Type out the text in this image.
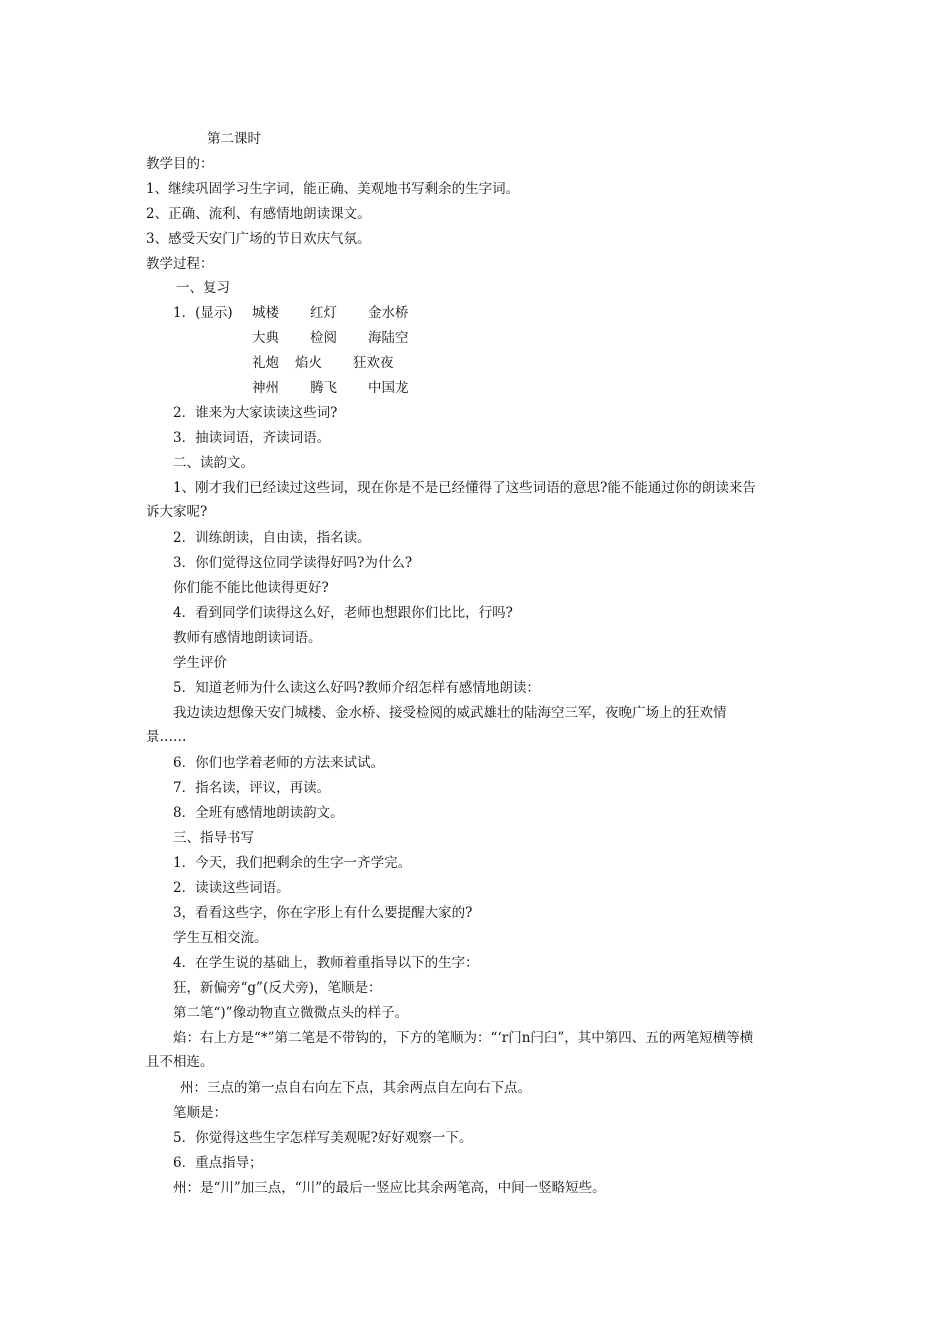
第二课时
教学目的：
1、继续巩固学习生字词，能正确、美观地书写剩余的生字词。
2、正确、流利、有感情地朗读课文。
3、感受天安门广场的节日欢庆气氛。
教学过程：
一、复习
1．(显示) 城楼 红灯 金水桥
大典 检阅 海陆空
礼炮 焰火 狂欢夜
神州 腾飞 中国龙
2．谁来为大家读读这些词?
3．抽读词语，齐读词语。
二、读韵文。
1、刚才我们已经读过这些词，现在你是不是已经懂得了这些词语的意思?能不能通过你的朗读来告诉大家呢?
2．训练朗读，自由读，指名读。
3．你们觉得这位同学读得好吗?为什么?
你们能不能比他读得更好?
4．看到同学们读得这么好，老师也想跟你们比比，行吗?
教师有感情地朗读词语。
学生评价
5．知道老师为什么读这么好吗?教师介绍怎样有感情地朗读：
我边读边想像天安门城楼、金水桥、接受检阅的威武雄壮的陆海空三军，夜晚广场上的狂欢情景……
6．你们也学着老师的方法来试试。
7．指名读，评议，再读。
8．全班有感情地朗读韵文。
三、指导书写
1．今天，我们把剩余的生字一齐学完。
2．读读这些词语。
3，看看这些字，你在字形上有什么要提醒大家的?
学生互相交流。
4．在学生说的基础上，教师着重指导以下的生字：
狂，新偏旁“g”(反犬旁)，笔顺是：
第二笔“)”像动物直立微微点头的样子。
焰：右上方是“*”第二笔是不带钩的，下方的笔顺为：“‘r门n闩臼”，其中第四、五的两笔短横等横且不相连。
州：三点的第一点自右向左下点，其余两点自左向右下点。
笔顺是：
5．你觉得这些生字怎样写美观呢?好好观察一下。
6．重点指导；
州：是“川”加三点，“川”的最后一竖应比其余两笔高，中间一竖略短些。
